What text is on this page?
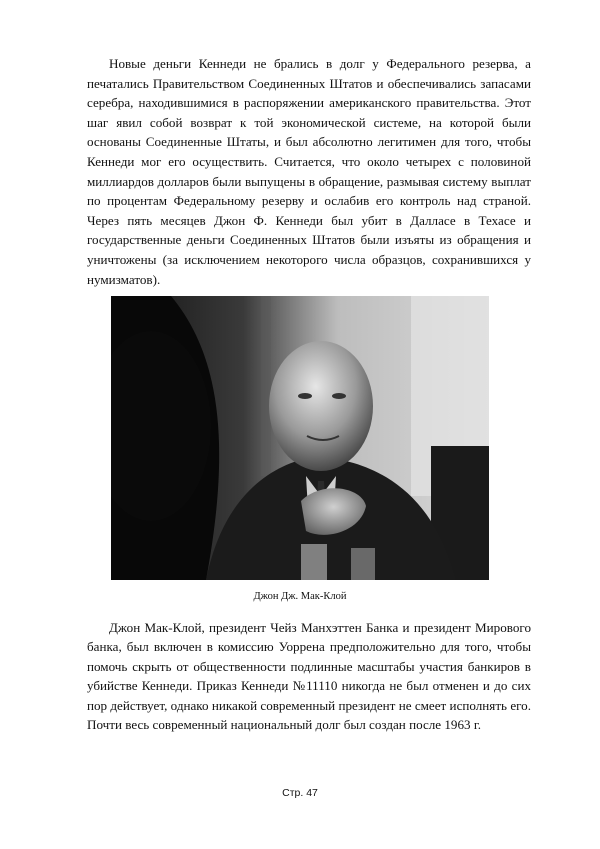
Новые деньги Кеннеди не брались в долг у Федерального резерва, а печатались Правительством Соединенных Штатов и обеспечивались запасами серебра, находившимися в распоряжении американского правительства. Этот шаг явил собой возврат к той экономической системе, на которой были основаны Соединенные Штаты, и был абсолютно легитимен для того, чтобы Кеннеди мог его осуществить. Считается, что около четырех с половиной миллиардов долларов были выпущены в обращение, размывая систему выплат по процентам Федеральному резерву и ослабив его контроль над страной. Через пять месяцев Джон Ф. Кеннеди был убит в Далласе в Техасе и государственные деньги Соединенных Штатов были изъяты из обращения и уничтожены (за исключением некоторого числа образцов, сохранившихся у нумизматов).

Джон Дж. Мак-Клой

Джон Мак-Клой, президент Чейз Манхэттен Банка и президент Мирового банка, был включен в комиссию Уоррена предположительно для того, чтобы помочь скрыть от общественности подлинные масштабы участия банкиров в убийстве Кеннеди. Приказ Кеннеди №11110 никогда не был отменен и до сих пор действует, однако никакой современный президент не смеет исполнять его. Почти весь современный национальный долг был создан после 1963 г.

Стр. 47
